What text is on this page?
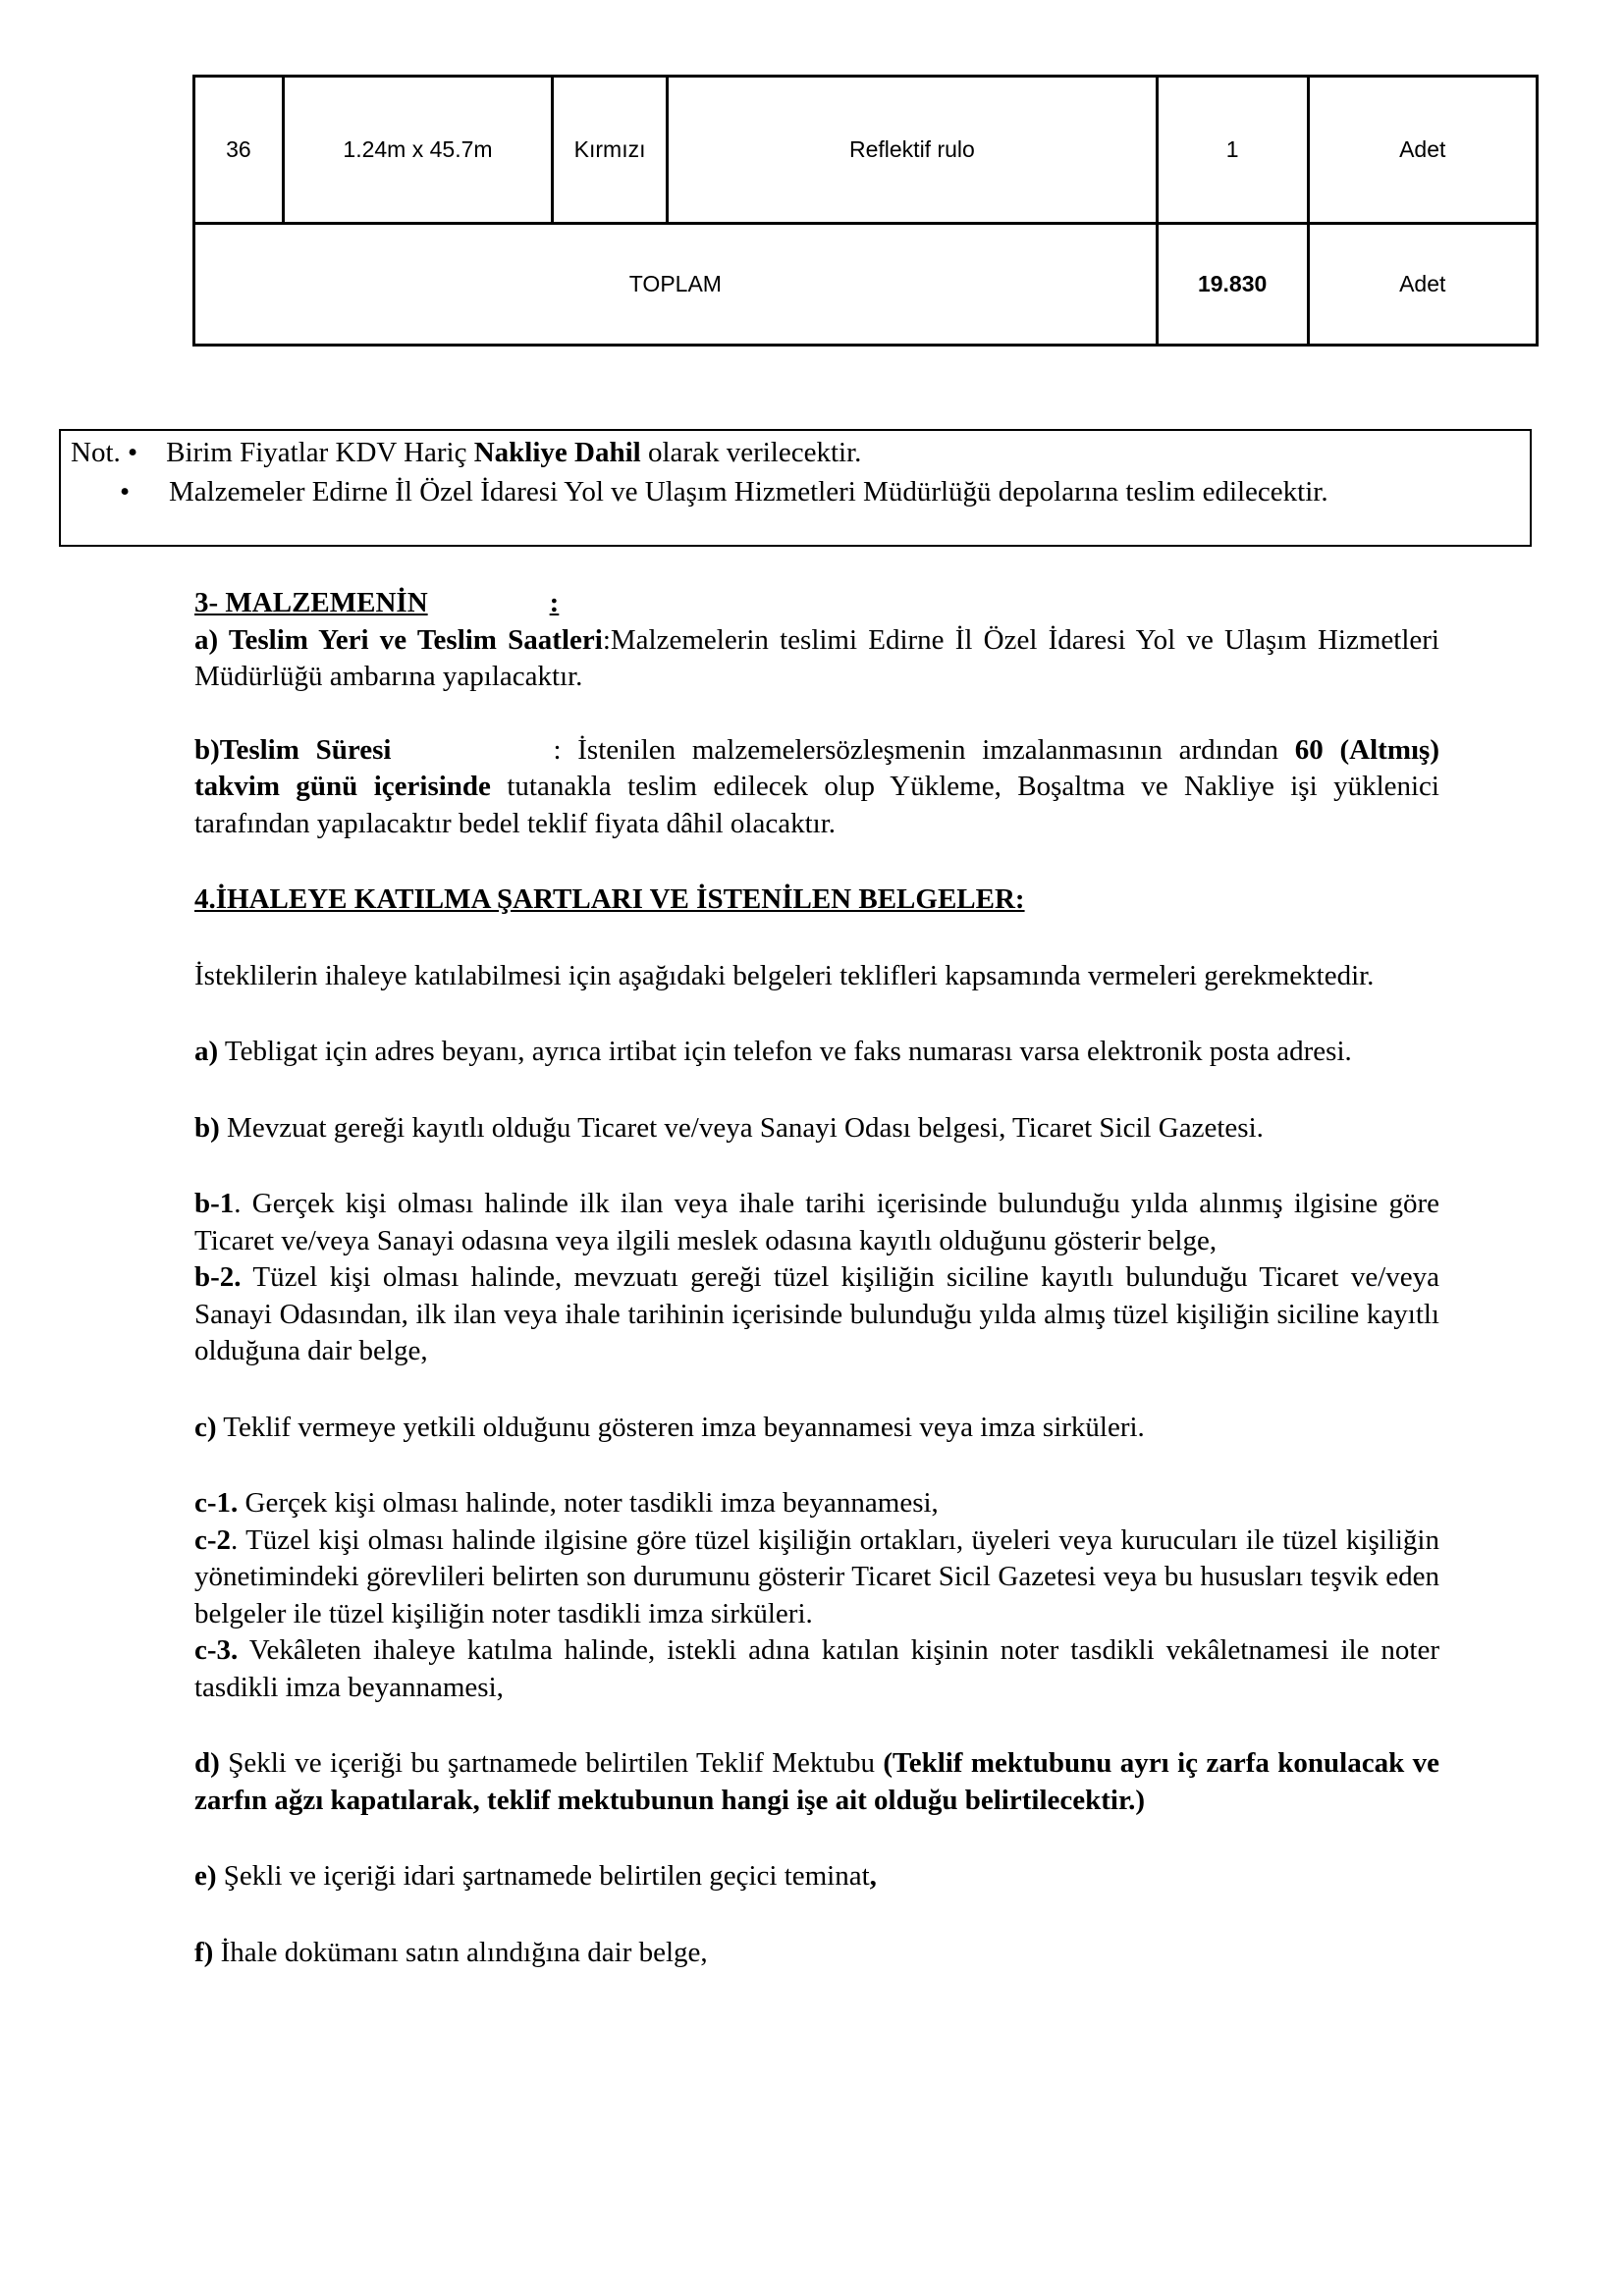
36	1.24m x 45.7m	Kırmızı	Reflektif rulo	1	Adet
TOPLAM				19.830	Adet
Not. • Birim Fiyatlar KDV Hariç Nakliye Dahil olarak verilecektir.
• Malzemeler Edirne İl Özel İdaresi Yol ve Ulaşım Hizmetleri Müdürlüğü depolarına teslim edilecektir.

3- MALZEMENİN	:

a) Teslim Yeri ve Teslim Saatleri:Malzemelerin teslimi Edirne İl Özel İdaresi Yol ve Ulaşım Hizmetleri Müdürlüğü ambarına yapılacaktır.

b)Teslim Süresi	: İstenilen malzemelersözleşmenin imzalanmasının ardından 60 (Altmış) takvim günü içerisinde tutanakla teslim edilecek olup Yükleme, Boşaltma ve Nakliye işi yüklenici tarafından yapılacaktır bedel teklif fiyata dâhil olacaktır.

4.İHALEYE KATILMA ŞARTLARI VE İSTENİLEN BELGELER:

İsteklilerin ihaleye katılabilmesi için aşağıdaki belgeleri teklifleri kapsamında vermeleri gerekmektedir.

a) Tebligat için adres beyanı, ayrıca irtibat için telefon ve faks numarası varsa elektronik posta adresi.

b) Mevzuat gereği kayıtlı olduğu Ticaret ve/veya Sanayi Odası belgesi, Ticaret Sicil Gazetesi.

b-1. Gerçek kişi olması halinde ilk ilan veya ihale tarihi içerisinde bulunduğu yılda alınmış ilgisine göre Ticaret ve/veya Sanayi odasına veya ilgili meslek odasına kayıtlı olduğunu gösterir belge,

b-2. Tüzel kişi olması halinde, mevzuatı gereği tüzel kişiliğin siciline kayıtlı bulunduğu Ticaret ve/veya Sanayi Odasından, ilk ilan veya ihale tarihinin içerisinde bulunduğu yılda almış tüzel kişiliğin siciline kayıtlı olduğuna dair belge,

c) Teklif vermeye yetkili olduğunu gösteren imza beyannamesi veya imza sirküleri.

c-1. Gerçek kişi olması halinde, noter tasdikli imza beyannamesi,

c-2. Tüzel kişi olması halinde ilgisine göre tüzel kişiliğin ortakları, üyeleri veya kurucuları ile tüzel kişiliğin yönetimindeki görevlileri belirten son durumunu gösterir Ticaret Sicil Gazetesi veya bu hususları teşvik eden belgeler ile tüzel kişiliğin noter tasdikli imza sirküleri.

c-3. Vekâleten ihaleye katılma halinde, istekli adına katılan kişinin noter tasdikli vekâletnamesi ile noter tasdikli imza beyannamesi,

d) Şekli ve içeriği bu şartnamede belirtilen Teklif Mektubu (Teklif mektubunu ayrı iç zarfa konulacak ve zarfın ağzı kapatılarak, teklif mektubunun hangi işe ait olduğu belirtilecektir.)

e) Şekli ve içeriği idari şartnamede belirtilen geçici teminat,

f) İhale dokümanı satın alındığına dair belge,
